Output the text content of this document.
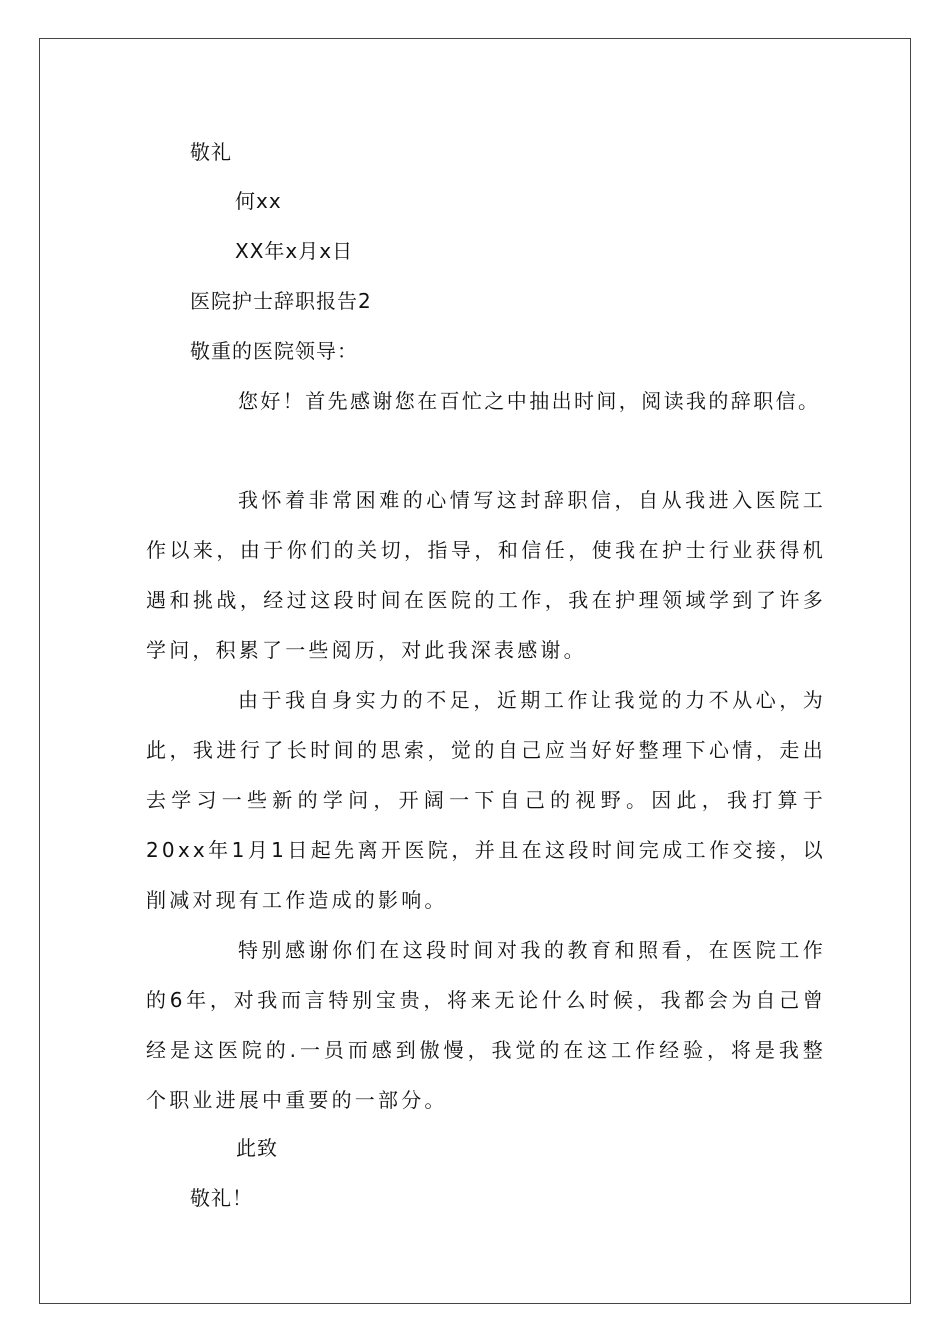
敬礼
何xx
XX年x月x日
医院护士辞职报告2
敬重的医院领导：
您好！首先感谢您在百忙之中抽出时间，阅读我的辞职信。
我怀着非常困难的心情写这封辞职信，自从我进入医院工作以来，由于你们的关切，指导，和信任，使我在护士行业获得机遇和挑战，经过这段时间在医院的工作，我在护理领域学到了许多学问，积累了一些阅历，对此我深表感谢。
由于我自身实力的不足，近期工作让我觉的力不从心，为此，我进行了长时间的思索，觉的自己应当好好整理下心情，走出去学习一些新的学问，开阔一下自己的视野。因此，我打算于20xx年1月1日起先离开医院，并且在这段时间完成工作交接，以削减对现有工作造成的影响。
特别感谢你们在这段时间对我的教育和照看，在医院工作的6年，对我而言特别宝贵，将来无论什么时候，我都会为自己曾经是这医院的.一员而感到傲慢，我觉的在这工作经验，将是我整个职业进展中重要的一部分。
此致
敬礼！
